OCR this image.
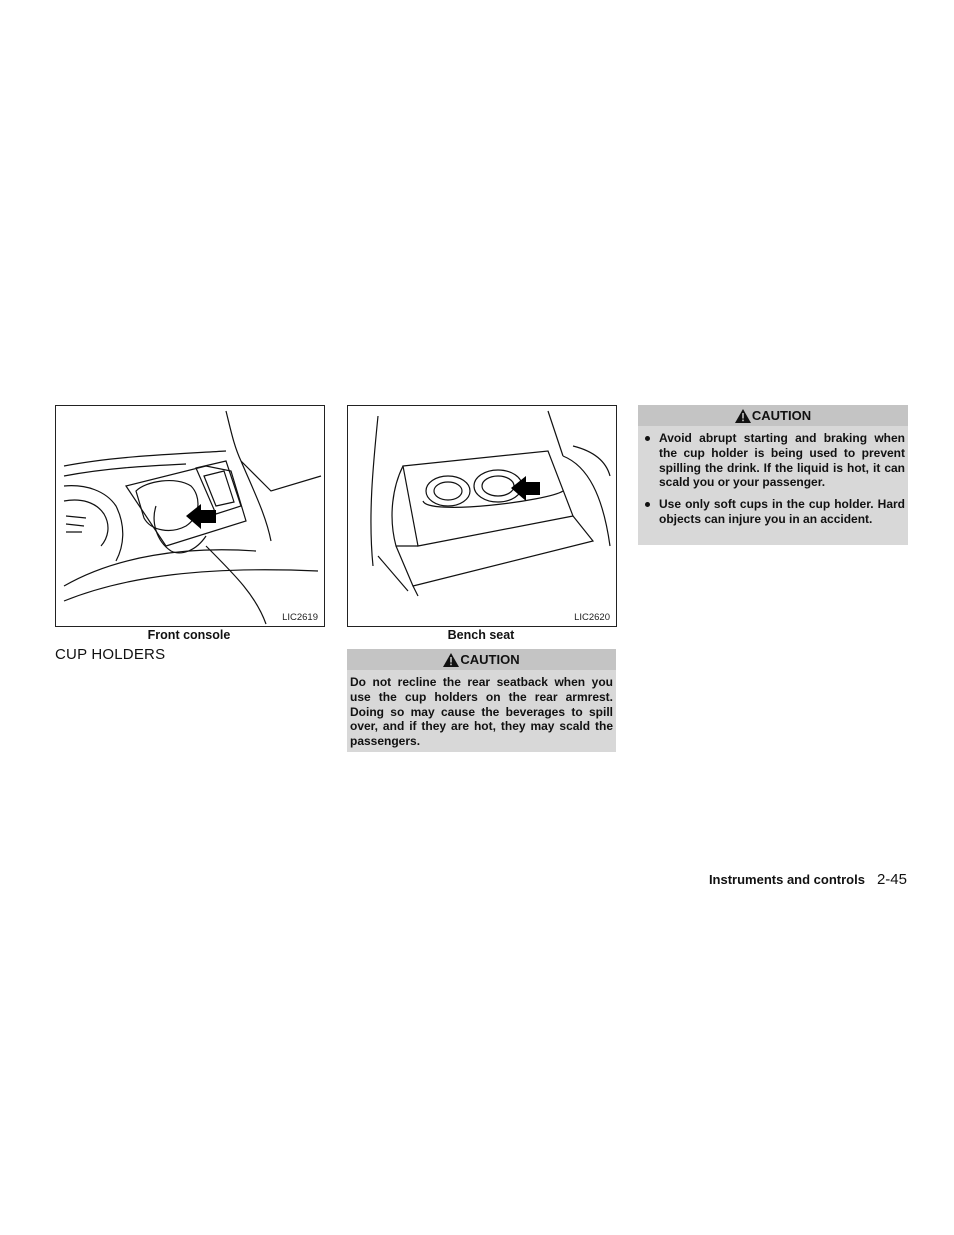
LIC2619
Front console
LIC2620
Bench seat
CUP HOLDERS	CAUTION
Do not recline the rear seatback when you use the cup holders on the rear armrest. Doing so may cause the beverages to spill over, and if they are hot, they may scald the passengers.
CAUTION
Avoid abrupt starting and braking when the cup holder is being used to prevent spilling the drink. If the liquid is hot, it can scald you or your passenger.
Use only soft cups in the cup holder. Hard objects can injure you in an accident.
Instruments and controls 2-45
